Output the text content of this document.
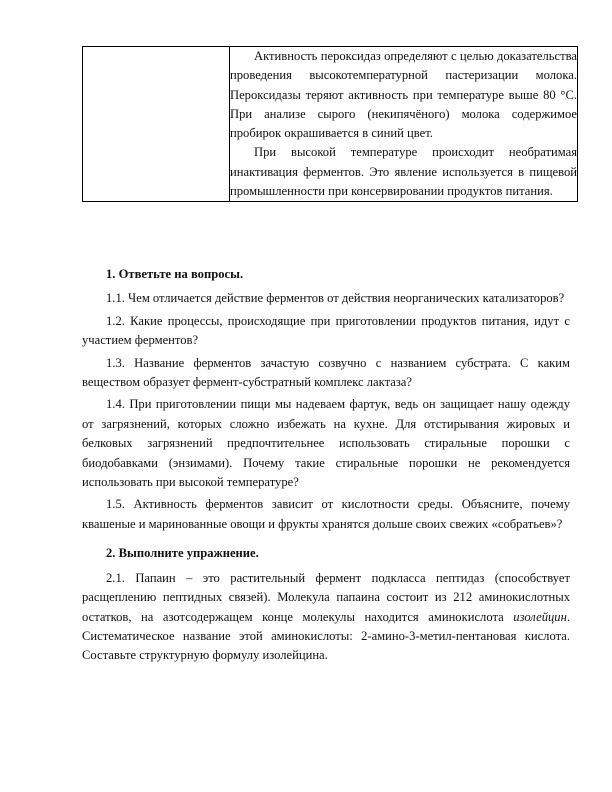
Активность пероксидаз определяют с целью доказательства проведения высокотемпературной пастеризации молока. Пероксидазы теряют активность при температуре выше 80 °С. При анализе сырого (некипячёного) молока содержимое пробирок окрашивается в синий цвет.

При высокой температуре происходит необратимая инактивация ферментов. Это явление используется в пищевой промышленности при консервировании продуктов питания.

1. Ответьте на вопросы.

1.1. Чем отличается действие ферментов от действия неорганических катализаторов?

1.2. Какие процессы, происходящие при приготовлении продуктов питания, идут с участием ферментов?

1.3. Название ферментов зачастую созвучно с названием субстрата. С каким веществом образует фермент-субстратный комплекс лактаза?

1.4. При приготовлении пищи мы надеваем фартук, ведь он защищает нашу одежду от загрязнений, которых сложно избежать на кухне. Для отстирывания жировых и белковых загрязнений предпочтительнее использовать стиральные порошки с биодобавками (энзимами). Почему такие стиральные порошки не рекомендуется использовать при высокой температуре?

1.5. Активность ферментов зависит от кислотности среды. Объясните, почему квашеные и маринованные овощи и фрукты хранятся дольше своих свежих «собратьев»?

2. Выполните упражнение.

2.1. Папаин – это растительный фермент подкласса пептидаз (способствует расщеплению пептидных связей). Молекула папаина состоит из 212 аминокислотных остатков, на азотсодержащем конце молекулы находится аминокислота изолейцин. Систематическое название этой аминокислоты: 2-амино-3-метил-пентановая кислота. Составьте структурную формулу изолейцина.
